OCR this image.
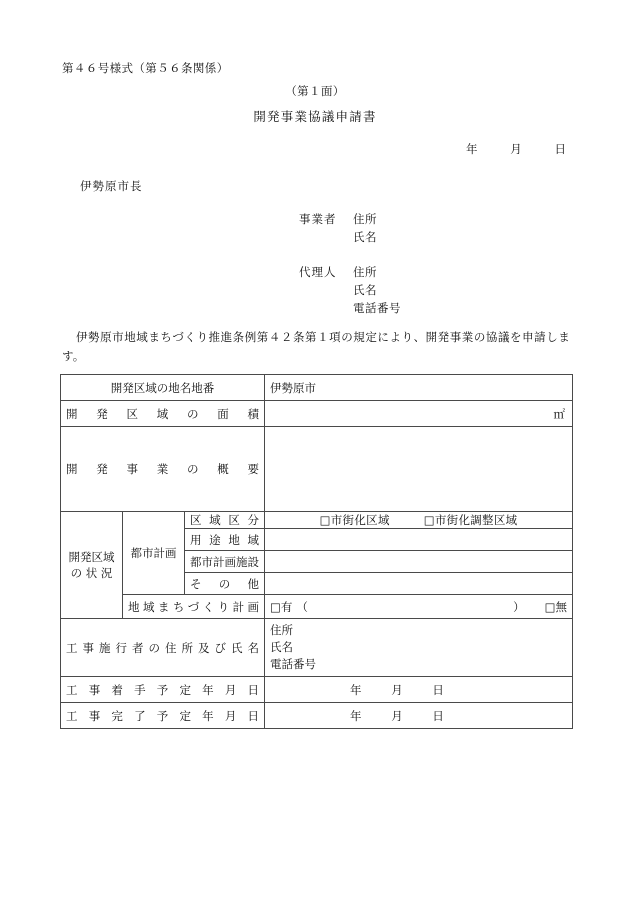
第４６号様式（第５６条関係）
（第１面）
開発事業協議申請書
年	月	日
伊勢原市長
事業者	住所
氏名
代理人	住所
氏名
電話番号
伊勢原市地域まちづくり推進条例第４２条第１項の規定により、開発事業の協議を申請します。
開発区域の地名地番			伊勢原市
開発区域の面積			㎡

開発事業の概要			
開発区域
の 状 況	都市計画	区域区分	□市街化区域 □市街化調整区域

		用途地域	
		都市計画施設	
		その他	
	地域まちづくり計画		□有 （ ） □無

工事施行者の住所及び氏名			住所
氏名
電話番号

工事着手予定年月日			年 月 日
工事完了予定年月日			年 月 日
